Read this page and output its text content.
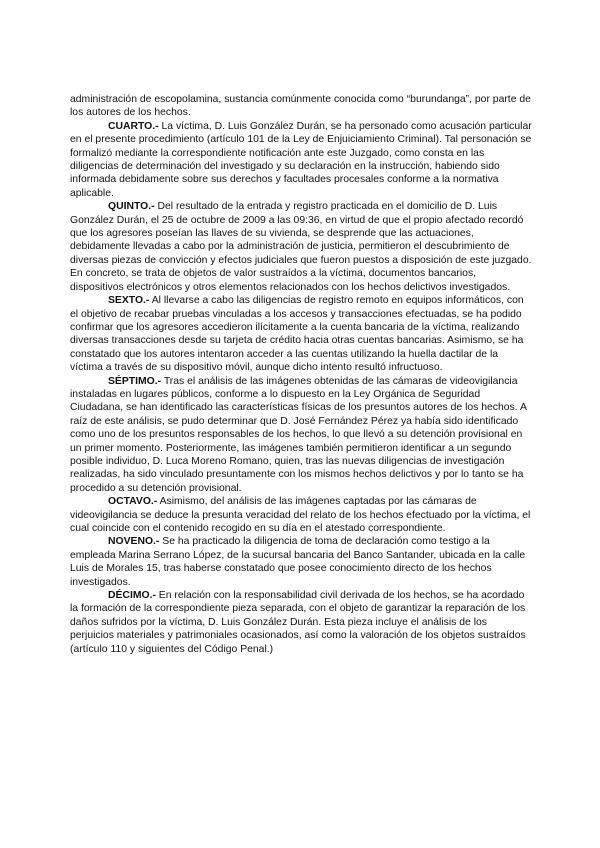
administración de escopolamina, sustancia comúnmente conocida como “burundanga”, por parte de los autores de los hechos.

CUARTO.- La víctima, D. Luis González Durán, se ha personado como acusación particular en el presente procedimiento (artículo 101 de la Ley de Enjuiciamiento Criminal). Tal personación se formalizó mediante la correspondiente notificación ante este Juzgado, como consta en las diligencias de determinación del investigado y su declaración en la instrucción, habiendo sido informada debidamente sobre sus derechos y facultades procesales conforme a la normativa aplicable.

QUINTO.- Del resultado de la entrada y registro practicada en el domicilio de D. Luis González Durán, el 25 de octubre de 2009 a las 09:36, en virtud de que el propio afectado recordó que los agresores poseían las llaves de su vivienda, se desprende que las actuaciones, debidamente llevadas a cabo por la administración de justicia, permitieron el descubrimiento de diversas piezas de convicción y efectos judiciales que fueron puestos a disposición de este juzgado. En concreto, se trata de objetos de valor sustraídos a la víctima, documentos bancarios, dispositivos electrónicos y otros elementos relacionados con los hechos delictivos investigados.

SEXTO.- Al llevarse a cabo las diligencias de registro remoto en equipos informáticos, con el objetivo de recabar pruebas vinculadas a los accesos y transacciones efectuadas, se ha podido confirmar que los agresores accedieron ilícitamente a la cuenta bancaria de la víctima, realizando diversas transacciones desde su tarjeta de crédito hacia otras cuentas bancarias. Asimismo, se ha constatado que los autores intentaron acceder a las cuentas utilizando la huella dactilar de la víctima a través de su dispositivo móvil, aunque dicho intento resultó infructuoso.

SÉPTIMO.- Tras el análisis de las imágenes obtenidas de las cámaras de videovigilancia instaladas en lugares públicos, conforme a lo dispuesto en la Ley Orgánica de Seguridad Ciudadana, se han identificado las características físicas de los presuntos autores de los hechos. A raíz de este análisis, se pudo determinar que D. José Fernández Pérez ya había sido identificado como uno de los presuntos responsables de los hechos, lo que llevó a su detención provisional en un primer momento. Posteriormente, las imágenes también permitieron identificar a un segundo posible individuo, D. Luca Moreno Romano, quien, tras las nuevas diligencias de investigación realizadas, ha sido vinculado presuntamente con los mismos hechos delictivos y por lo tanto se ha procedido a su detención provisional.

OCTAVO.- Asimismo, del análisis de las imágenes captadas por las cámaras de videovigilancia se deduce la presunta veracidad del relato de los hechos efectuado por la víctima, el cual coincide con el contenido recogido en su día en el atestado correspondiente.

NOVENO.- Se ha practicado la diligencia de toma de declaración como testigo a la empleada Marina Serrano López, de la sucursal bancaria del Banco Santander, ubicada en la calle Luis de Morales 15, tras haberse constatado que posee conocimiento directo de los hechos investigados.

DÉCIMO.- En relación con la responsabilidad civil derivada de los hechos, se ha acordado la formación de la correspondiente pieza separada, con el objeto de garantizar la reparación de los daños sufridos por la víctima, D. Luis González Durán. Esta pieza incluye el análisis de los perjuicios materiales y patrimoniales ocasionados, así como la valoración de los objetos sustraídos (artículo 110 y siguientes del Código Penal.)
